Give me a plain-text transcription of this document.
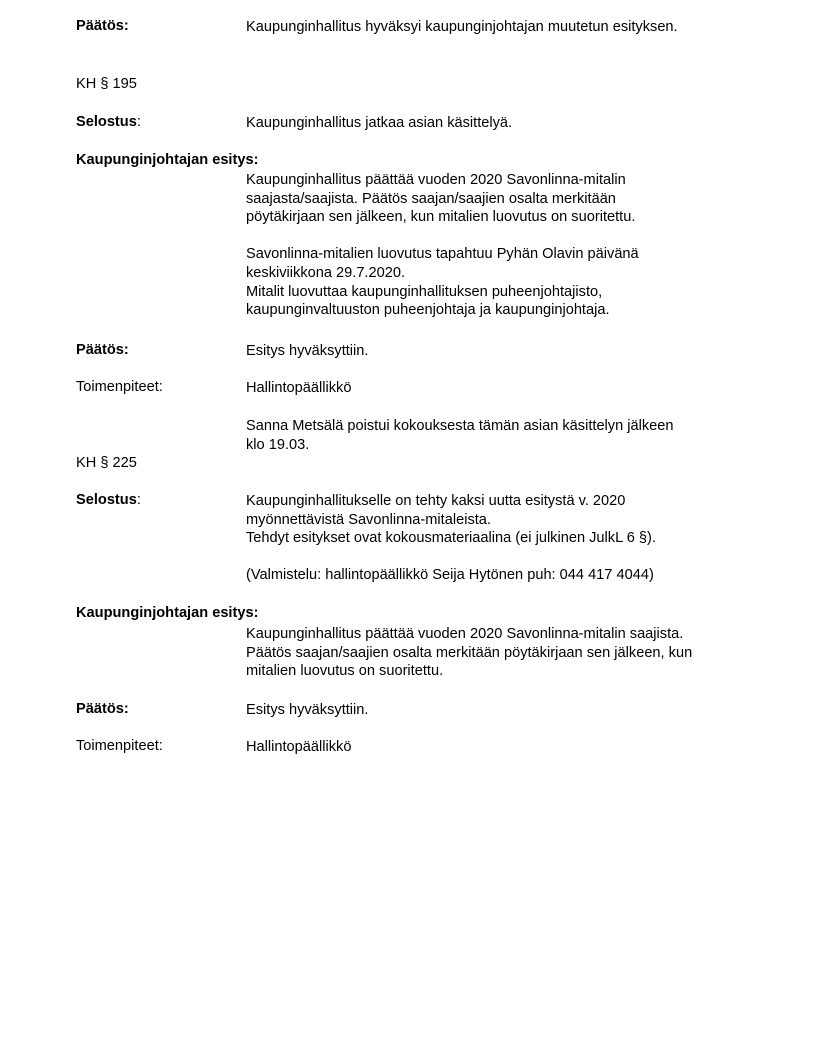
Päätös:	Kaupunginhallitus hyväksyi kaupunginjohtajan muutetun esityksen.
KH § 195
Selostus:	Kaupunginhallitus jatkaa asian käsittelyä.
Kaupunginjohtajan esitys:
Kaupunginhallitus päättää vuoden 2020 Savonlinna-mitalin
saajasta/saajista. Päätös saajan/saajien osalta merkitään
pöytäkirjaan sen jälkeen, kun mitalien luovutus on suoritettu.

Savonlinna-mitalien luovutus tapahtuu Pyhän Olavin päivänä
keskiviikkona 29.7.2020.
Mitalit luovuttaa kaupunginhallituksen puheenjohtajisto,
kaupunginvaltuuston puheenjohtaja ja kaupunginjohtaja.
Päätös:	Esitys hyväksyttiin.
Toimenpiteet:	Hallintopäällikkö
Sanna Metsälä poistui kokouksesta tämän asian käsittelyn jälkeen
klo 19.03.
KH § 225
Selostus:	Kaupunginhallitukselle on tehty kaksi uutta esitystä v. 2020
myönnettävistä Savonlinna-mitaleista.
Tehdyt esitykset ovat kokousmateriaalina (ei julkinen JulkL 6 §).

(Valmistelu: hallintopäällikkö Seija Hytönen puh: 044 417 4044)
Kaupunginjohtajan esitys:
Kaupunginhallitus päättää vuoden 2020 Savonlinna-mitalin saajista.
Päätös saajan/saajien osalta merkitään pöytäkirjaan sen jälkeen, kun
mitalien luovutus on suoritettu.
Päätös:	Esitys hyväksyttiin.
Toimenpiteet:	Hallintopäällikkö
